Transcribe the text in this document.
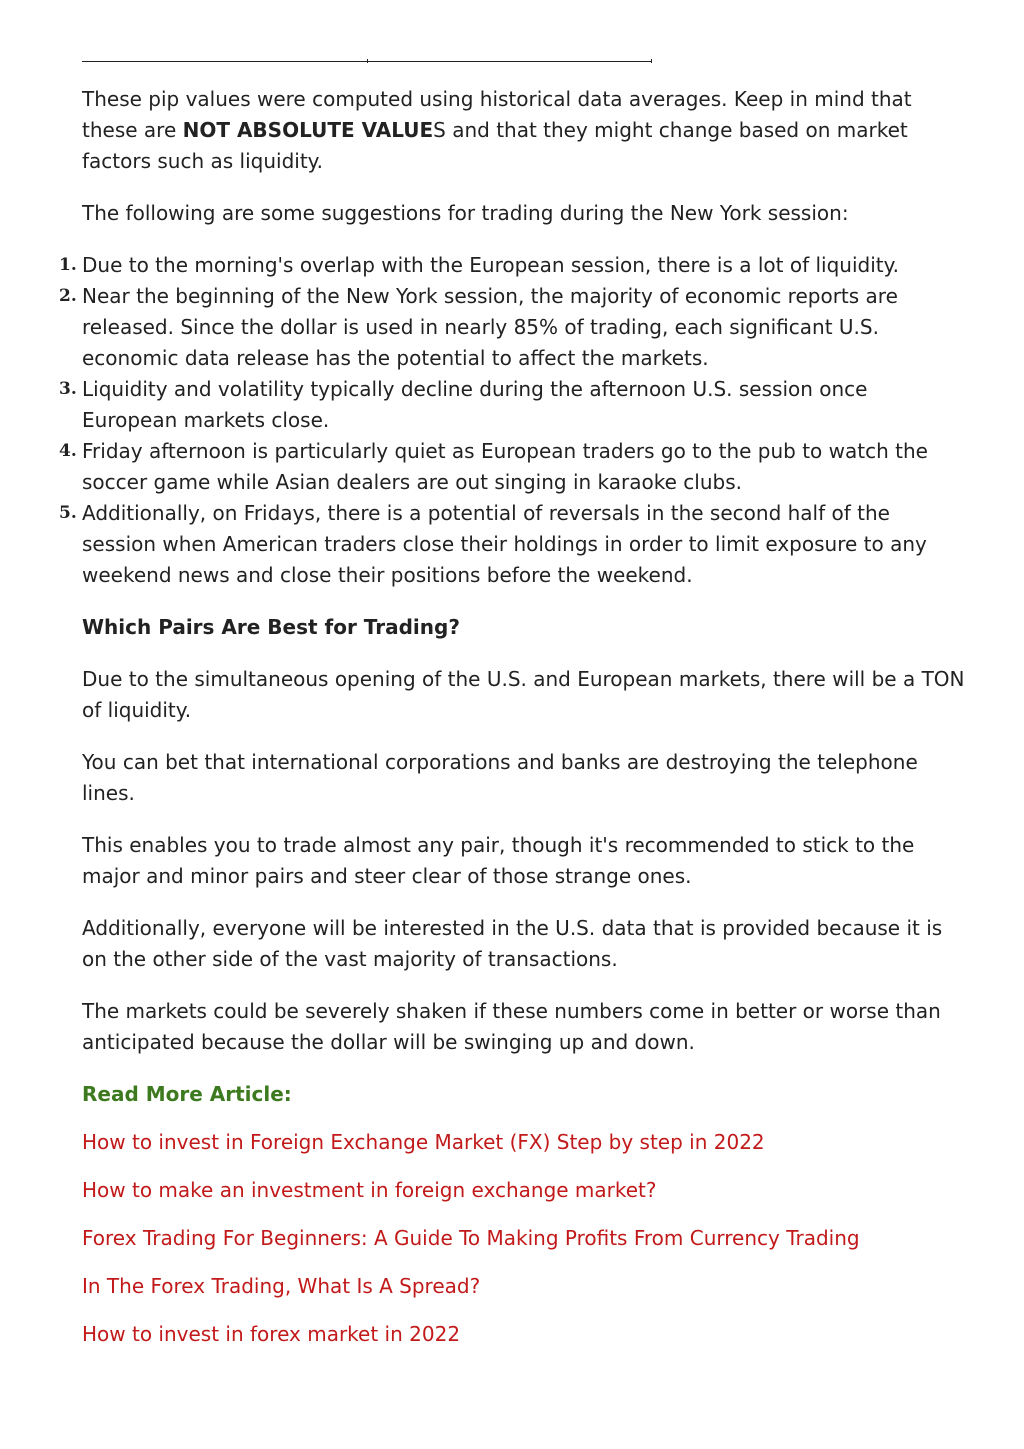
These pip values were computed using historical data averages. Keep in mind that these are NOT ABSOLUTE VALUES and that they might change based on market factors such as liquidity.

The following are some suggestions for trading during the New York session:

1. Due to the morning's overlap with the European session, there is a lot of liquidity.
2. Near the beginning of the New York session, the majority of economic reports are released. Since the dollar is used in nearly 85% of trading, each significant U.S. economic data release has the potential to affect the markets.
3. Liquidity and volatility typically decline during the afternoon U.S. session once European markets close.
4. Friday afternoon is particularly quiet as European traders go to the pub to watch the soccer game while Asian dealers are out singing in karaoke clubs.
5. Additionally, on Fridays, there is a potential of reversals in the second half of the session when American traders close their holdings in order to limit exposure to any weekend news and close their positions before the weekend.

Which Pairs Are Best for Trading?

Due to the simultaneous opening of the U.S. and European markets, there will be a TON of liquidity.

You can bet that international corporations and banks are destroying the telephone lines.

This enables you to trade almost any pair, though it's recommended to stick to the major and minor pairs and steer clear of those strange ones.

Additionally, everyone will be interested in the U.S. data that is provided because it is on the other side of the vast majority of transactions.

The markets could be severely shaken if these numbers come in better or worse than anticipated because the dollar will be swinging up and down.

Read More Article:

How to invest in Foreign Exchange Market (FX) Step by step in 2022
How to make an investment in foreign exchange market?
Forex Trading For Beginners: A Guide To Making Profits From Currency Trading
In The Forex Trading, What Is A Spread?
How to invest in forex market in 2022
